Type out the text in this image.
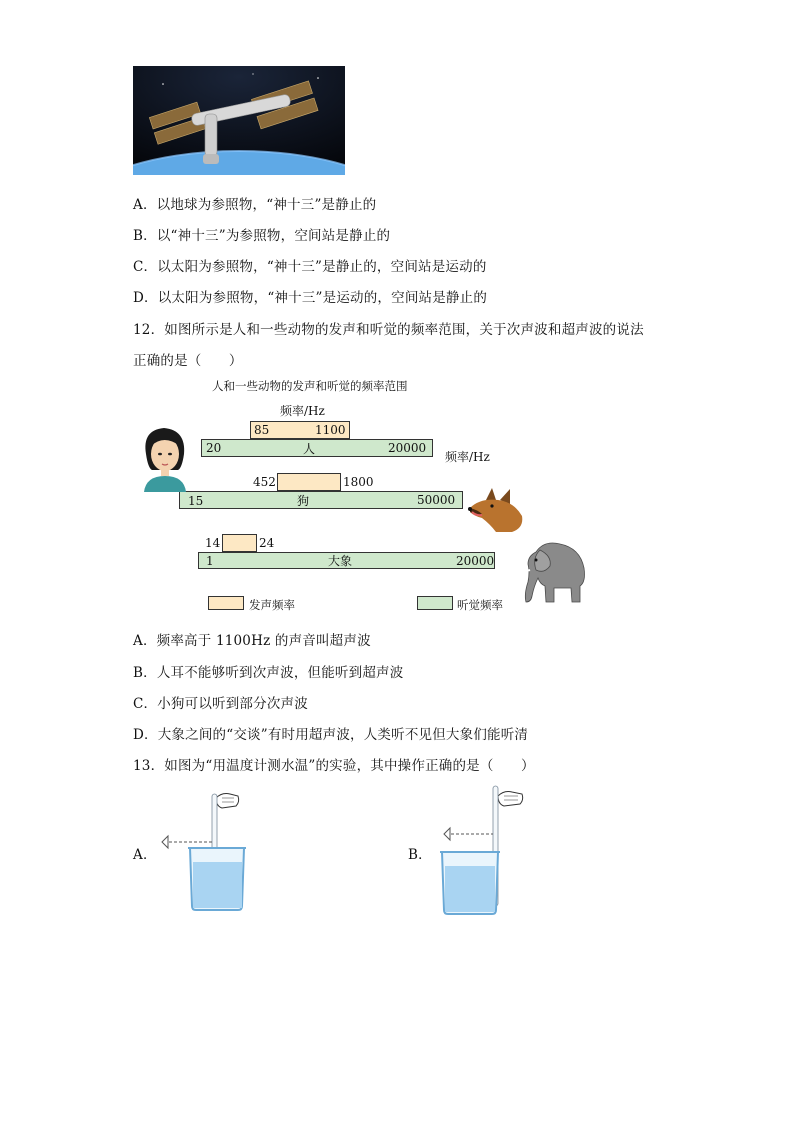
A．以地球为参照物，“神十三”是静止的
B．以“神十三”为参照物，空间站是静止的
C．以太阳为参照物，“神十三”是静止的，空间站是运动的
D．以太阳为参照物，“神十三”是运动的，空间站是静止的
12．如图所示是人和一些动物的发声和听觉的频率范围，关于次声波和超声波的说法
正确的是（　　）
人和一些动物的发声和听觉的频率范围
频率/Hz
频率/Hz
85	1100
20	人	20000
452	1800
15	狗	50000
14	24
1	大象	20000
发声频率	听觉频率
A．频率高于 1100Hz 的声音叫超声波
B．人耳不能够听到次声波，但能听到超声波
C．小狗可以听到部分次声波
D．大象之间的“交谈”有时用超声波，人类听不见但大象们能听清
13．如图为“用温度计测水温”的实验，其中操作正确的是（　　）
A．	B．
